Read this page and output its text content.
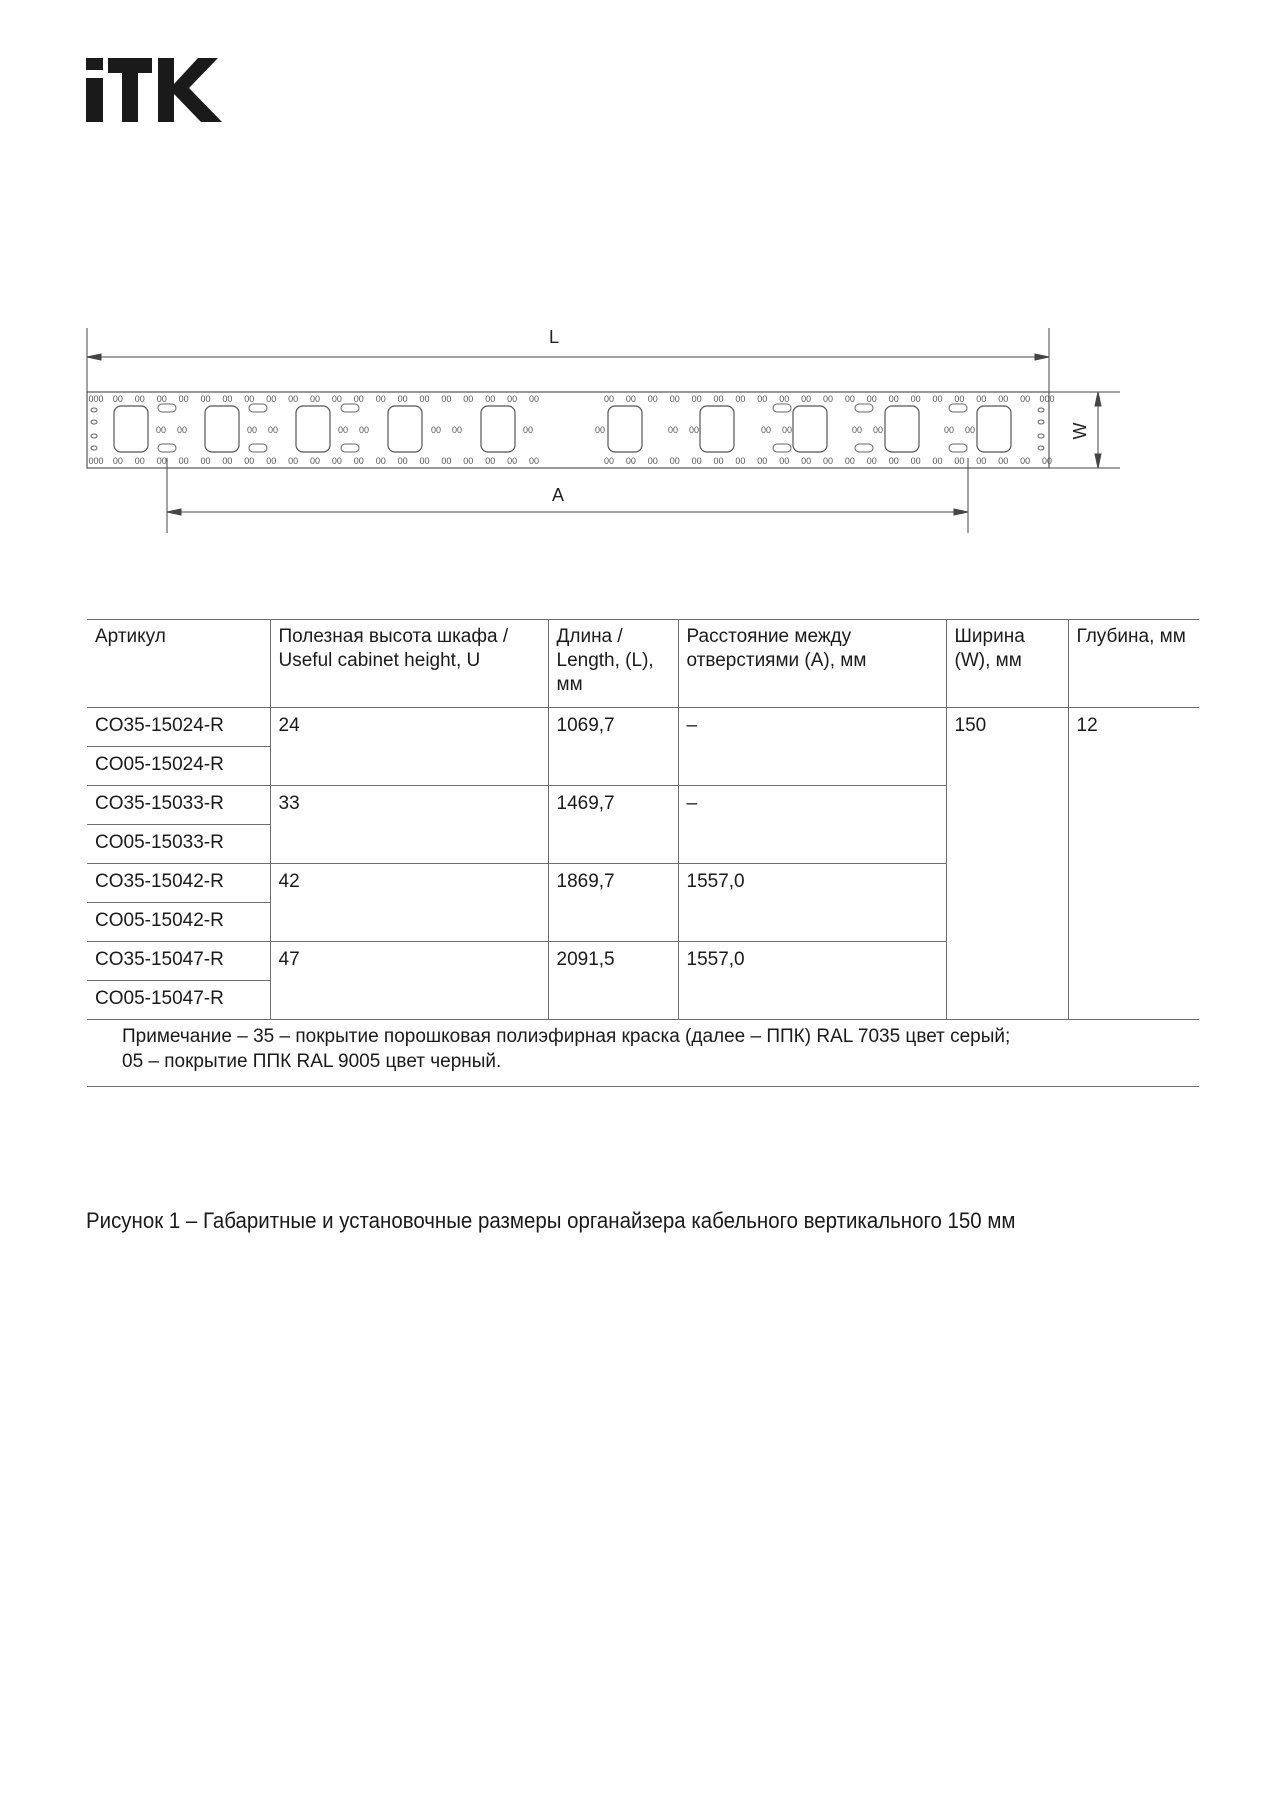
L
A
W
000 00 00 00 00 00 00 00 00 00 00 00 00 00 00 00 00 00 00 00 00	00 00 00 00 00 00 00 00 00 00 00 00 00 00 00 00 00 00 00 00 000
000 00 00 00 00 00 00 00 00 00 00 00 00 00 00 00 00 00 00 00 00	00 00 00 00 00 00 00 00 00 00 00 00 00 00 00 00 00 00 00 00 00
00 00	00 00	00 00	00 00	00	00	00 00	00 00	00 00	00 00
Артикул	Полезная высота шкафа / Useful cabinet height, U	Длина / Length, (L), мм	Расстояние между отверстиями (А), мм	Ширина (W), мм	Глубина, мм
CO35-15024-R	24	1069,7	–	150	12
CO05-15024-R					
CO35-15033-R	33	1469,7	–		
CO05-15033-R					
CO35-15042-R	42	1869,7	1557,0		
CO05-15042-R					
CO35-15047-R	47	2091,5	1557,0		
CO05-15047-R					

Примечание – 35 – покрытие порошковая полиэфирная краска (далее – ППК) RAL 7035 цвет серый;
05 – покрытие ППК RAL 9005 цвет черный.					
Рисунок 1 – Габаритные и установочные размеры органайзера кабельного вертикального 150 мм
